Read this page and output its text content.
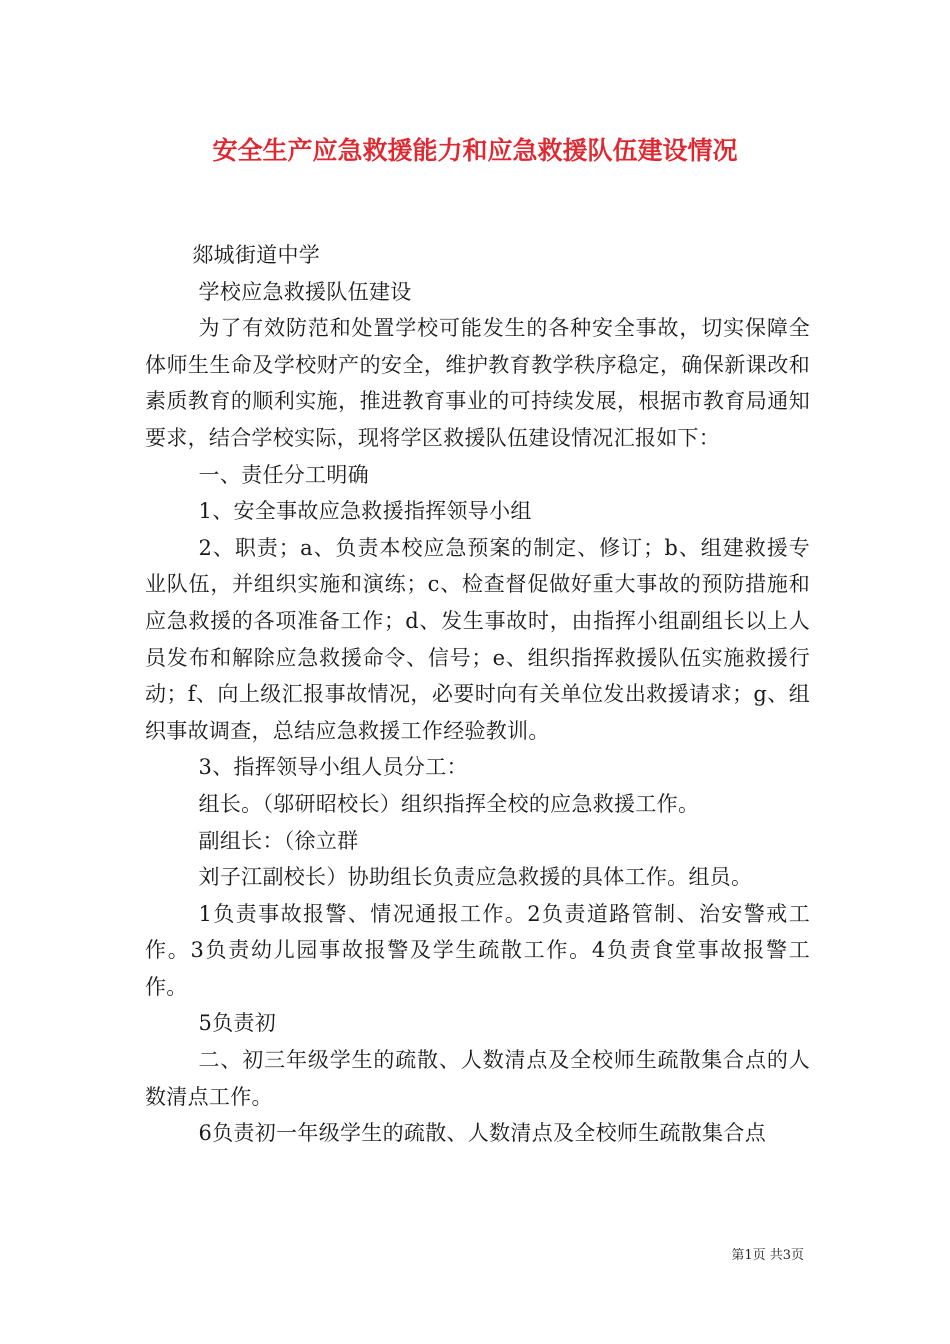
安全生产应急救援能力和应急救援队伍建设情况

郯城街道中学

学校应急救援队伍建设

为了有效防范和处置学校可能发生的各种安全事故，切实保障全体师生生命及学校财产的安全，维护教育教学秩序稳定，确保新课改和素质教育的顺利实施，推进教育事业的可持续发展，根据市教育局通知要求，结合学校实际，现将学区救援队伍建设情况汇报如下：

一、责任分工明确

1、安全事故应急救援指挥领导小组

2、职责；a、负责本校应急预案的制定、修订；b、组建救援专业队伍，并组织实施和演练；c、检查督促做好重大事故的预防措施和应急救援的各项准备工作；d、发生事故时，由指挥小组副组长以上人员发布和解除应急救援命令、信号；e、组织指挥救援队伍实施救援行动；f、向上级汇报事故情况，必要时向有关单位发出救援请求；g、组织事故调查，总结应急救援工作经验教训。

3、指挥领导小组人员分工：

组长。（邬研昭校长）组织指挥全校的应急救援工作。

副组长：（徐立群

刘子江副校长）协助组长负责应急救援的具体工作。组员。

1负责事故报警、情况通报工作。2负责道路管制、治安警戒工作。3负责幼儿园事故报警及学生疏散工作。4负责食堂事故报警工作。

5负责初

二、初三年级学生的疏散、人数清点及全校师生疏散集合点的人数清点工作。

6负责初一年级学生的疏散、人数清点及全校师生疏散集合点

第1页 共3页
